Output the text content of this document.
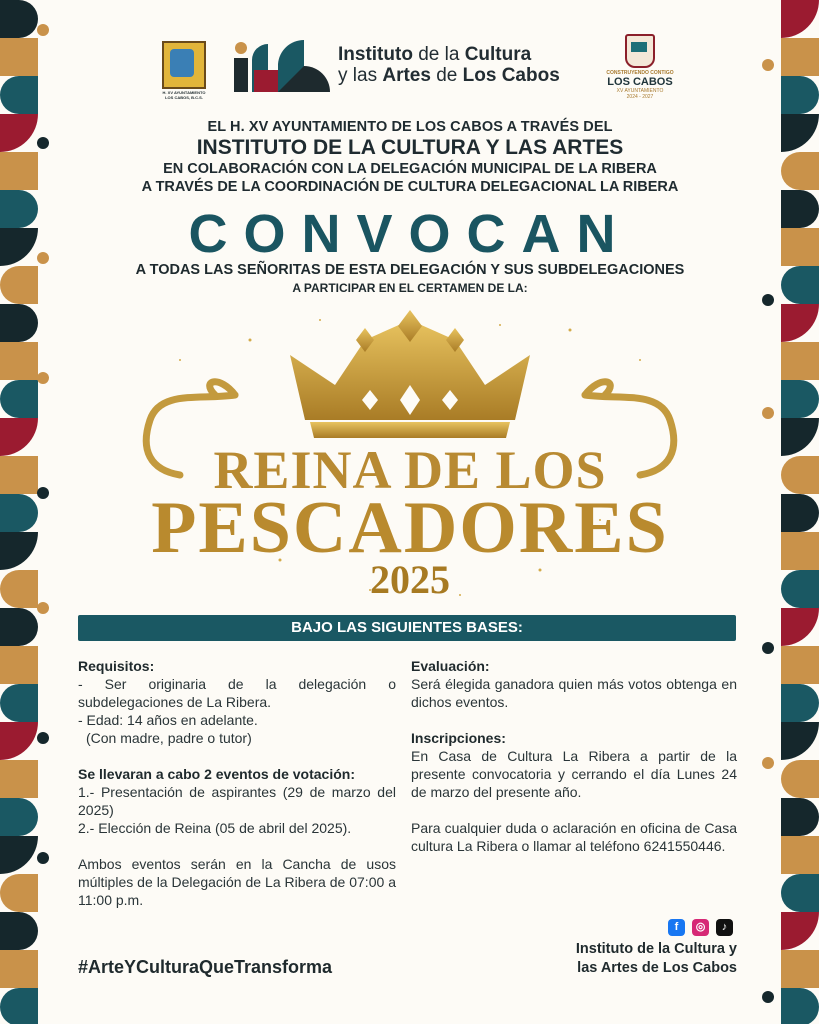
H. XV AYUNTAMIENTO LOS CABOS, B.C.S.
Instituto de la Cultura
y las Artes de Los Cabos	CONSTRUYENDO CONTIGO
LOS CABOS
XV AYUNTAMIENTO
2024 - 2027
EL H. XV AYUNTAMIENTO DE LOS CABOS A TRAVÉS DEL
INSTITUTO DE LA CULTURA Y LAS ARTES
EN COLABORACIÓN CON LA DELEGACIÓN MUNICIPAL DE LA RIBERA
A TRAVÉS DE LA COORDINACIÓN DE CULTURA DELEGACIONAL LA RIBERA
CONVOCAN
A TODAS LAS SEÑORITAS DE ESTA DELEGACIÓN Y SUS SUBDELEGACIONES
A PARTICIPAR EN EL CERTAMEN DE LA:
REINA DE LOS
PESCADORES
2025
BAJO LAS SIGUIENTES BASES:

Requisitos:

- Ser originaria de la delegación o subdelegaciones de La Ribera.

- Edad: 14 años en adelante.

(Con madre, padre o tutor)

Se llevaran a cabo 2 eventos de votación:

1.- Presentación de aspirantes (29 de marzo del 2025)

2.- Elección de Reina (05 de abril del 2025).

Ambos eventos serán en la Cancha de usos múltiples de la Delegación de La Ribera de 07:00 a 11:00 p.m.

Evaluación:

Será élegida ganadora quien más votos obtenga en dichos eventos.

Inscripciones:

En Casa de Cultura La Ribera a partir de la presente convocatoria y cerrando el día Lunes 24 de marzo del presente año.

Para cualquier duda o aclaración en oficina de Casa cultura La Ribera o llamar al teléfono 6241550446.

#ArteYCulturaQueTransforma
f	◎	♪
Instituto de la Cultura y
las Artes de Los Cabos
